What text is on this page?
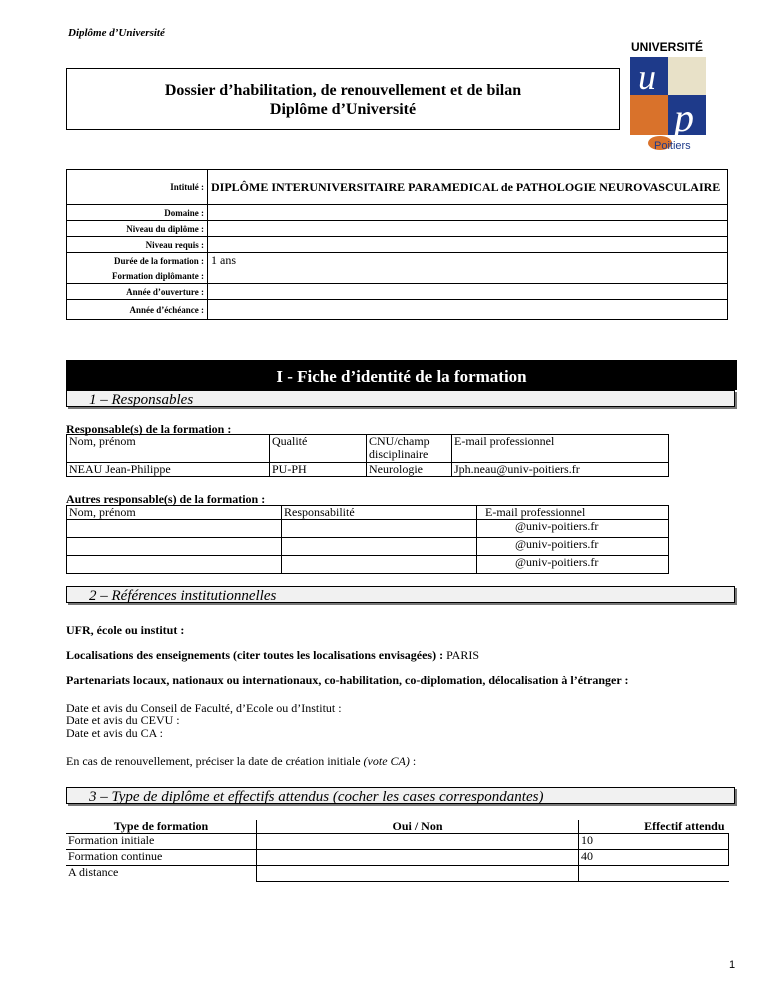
Diplôme d’Université
Dossier d’habilitation, de renouvellement et de bilan
Diplôme d’Université
UNIVERSITÉ
u
p
Poitiers
Intitulé :	DIPLÔME INTERUNIVERSITAIRE PARAMEDICAL de PATHOLOGIE NEUROVASCULAIRE
Domaine :	
Niveau du diplôme :	
Niveau requis :	
Durée de la formation :	1 ans
Formation diplômante :	
Année d’ouverture :	
Année d’échéance :	
I - Fiche d’identité de la formation
1 – Responsables
Responsable(s) de la formation :
Nom, prénom	Qualité	CNU/champ disciplinaire	E-mail professionnel
NEAU Jean-Philippe	PU-PH	Neurologie	Jph.neau@univ-poitiers.fr
Autres responsable(s) de la formation :
Nom, prénom	Responsabilité	E-mail professionnel
		@univ-poitiers.fr
		@univ-poitiers.fr
		@univ-poitiers.fr
2 – Références institutionnelles
UFR, école ou institut :
Localisations des enseignements (citer toutes les localisations envisagées) : PARIS
Partenariats locaux, nationaux ou internationaux, co-habilitation, co-diplomation, délocalisation à l’étranger :
Date et avis du Conseil de Faculté, d’Ecole ou d’Institut :
Date et avis du CEVU :
Date et avis du CA :
En cas de renouvellement, préciser la date de création initiale (vote CA) :
3 – Type de diplôme et effectifs attendus (cocher les cases correspondantes)
Type de formation	Oui / Non	Effectif attendu
Formation initiale		10
Formation continue		40
A distance		
1
